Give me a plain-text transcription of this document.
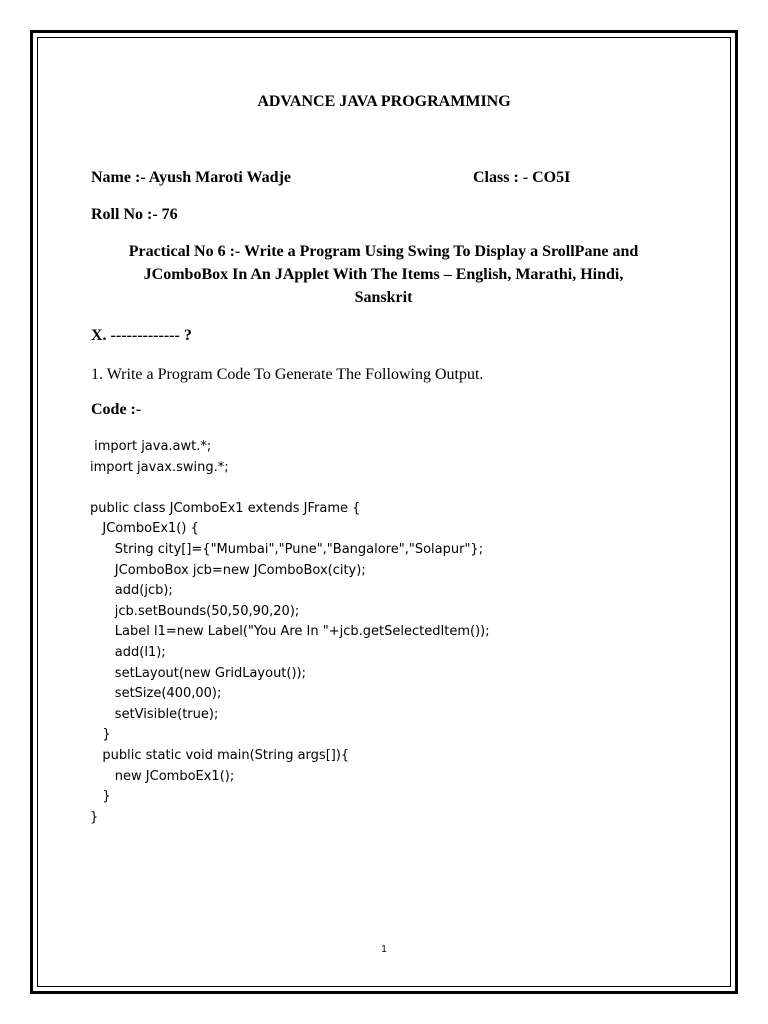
ADVANCE JAVA PROGRAMMING
Name :- Ayush Maroti Wadje	Class : - CO5I
Roll No :- 76
Practical No 6 :- Write a Program Using Swing To Display a SrollPane and
JComboBox In An JApplet With The Items – English, Marathi, Hindi,
Sanskrit
X. ------------- ?
1. Write a Program Code To Generate The Following Output.
Code :-
import java.awt.*;
import javax.swing.*;
public class JComboEx1 extends JFrame {
JComboEx1() {
String city[]={"Mumbai","Pune","Bangalore","Solapur"};
JComboBox jcb=new JComboBox(city);
add(jcb);
jcb.setBounds(50,50,90,20);
Label l1=new Label("You Are In "+jcb.getSelectedItem());
add(l1);
setLayout(new GridLayout());
setSize(400,00);
setVisible(true);
}
public static void main(String args[]){
new JComboEx1();
}
}
1
